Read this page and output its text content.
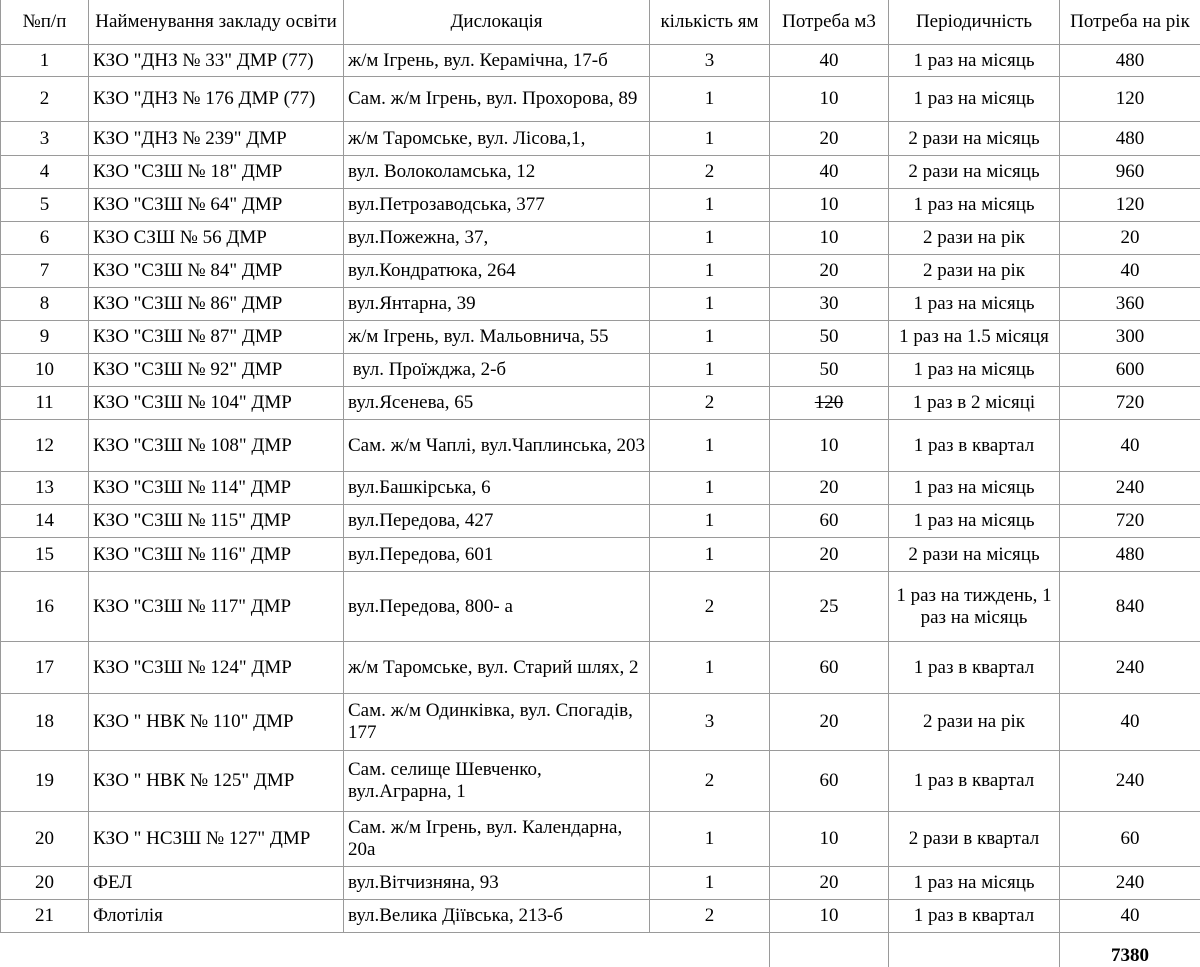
№п/п	Найменування закладу освіти	Дислокація	кількість ям	Потреба м3	Періодичність	Потреба на рік
1	КЗО "ДНЗ № 33" ДМР (77)	ж/м Ігрень, вул. Керамічна, 17-б	3	40	1 раз на місяць	480
2	КЗО "ДНЗ № 176 ДМР (77)	Сам. ж/м Ігрень, вул. Прохорова, 89	1	10	1 раз на місяць	120
3	КЗО "ДНЗ № 239" ДМР	ж/м Таромське, вул. Лісова,1,	1	20	2 рази на місяць	480
4	КЗО "СЗШ № 18" ДМР	вул. Волоколамська, 12	2	40	2 рази на місяць	960
5	КЗО "СЗШ № 64" ДМР	вул.Петрозаводська, 377	1	10	1 раз на місяць	120
6	КЗО СЗШ № 56 ДМР	вул.Пожежна, 37,	1	10	2 рази на рік	20
7	КЗО "СЗШ № 84" ДМР	вул.Кондратюка, 264	1	20	2 рази на рік	40
8	КЗО "СЗШ № 86" ДМР	вул.Янтарна, 39	1	30	1 раз на місяць	360
9	КЗО "СЗШ № 87" ДМР	ж/м Ігрень, вул. Мальовнича, 55	1	50	1 раз на 1.5 місяця	300
10	КЗО "СЗШ № 92" ДМР	вул. Проїжджа, 2-б	1	50	1 раз на місяць	600
11	КЗО "СЗШ № 104" ДМР	вул.Ясенева, 65	2	120	1 раз в 2 місяці	720
12	КЗО "СЗШ № 108" ДМР	Сам. ж/м Чаплі, вул.Чаплинська, 203	1	10	1 раз в квартал	40
13	КЗО "СЗШ № 114" ДМР	вул.Башкірська, 6	1	20	1 раз на місяць	240
14	КЗО "СЗШ № 115" ДМР	вул.Передова, 427	1	60	1 раз на місяць	720
15	КЗО "СЗШ № 116" ДМР	вул.Передова, 601	1	20	2 рази на місяць	480
16	КЗО "СЗШ № 117" ДМР	вул.Передова, 800- а	2	25	1 раз на тиждень, 1 раз на місяць	840
17	КЗО "СЗШ № 124" ДМР	ж/м Таромське, вул. Старий шлях, 2	1	60	1 раз в квартал	240
18	КЗО " НВК № 110" ДМР	Сам. ж/м Одинківка, вул. Спогадів, 177	3	20	2 рази на рік	40
19	КЗО " НВК № 125" ДМР	Сам. селище Шевченко, вул.Аграрна, 1	2	60	1 раз в квартал	240
20	КЗО " НСЗШ № 127" ДМР	Сам. ж/м Ігрень, вул. Календарна, 20а	1	10	2 рази в квартал	60
20	ФЕЛ	вул.Вітчизняна, 93	1	20	1 раз на місяць	240
21	Флотілія	вул.Велика Діївська, 213-б	2	10	1 раз в квартал	40
						7380
